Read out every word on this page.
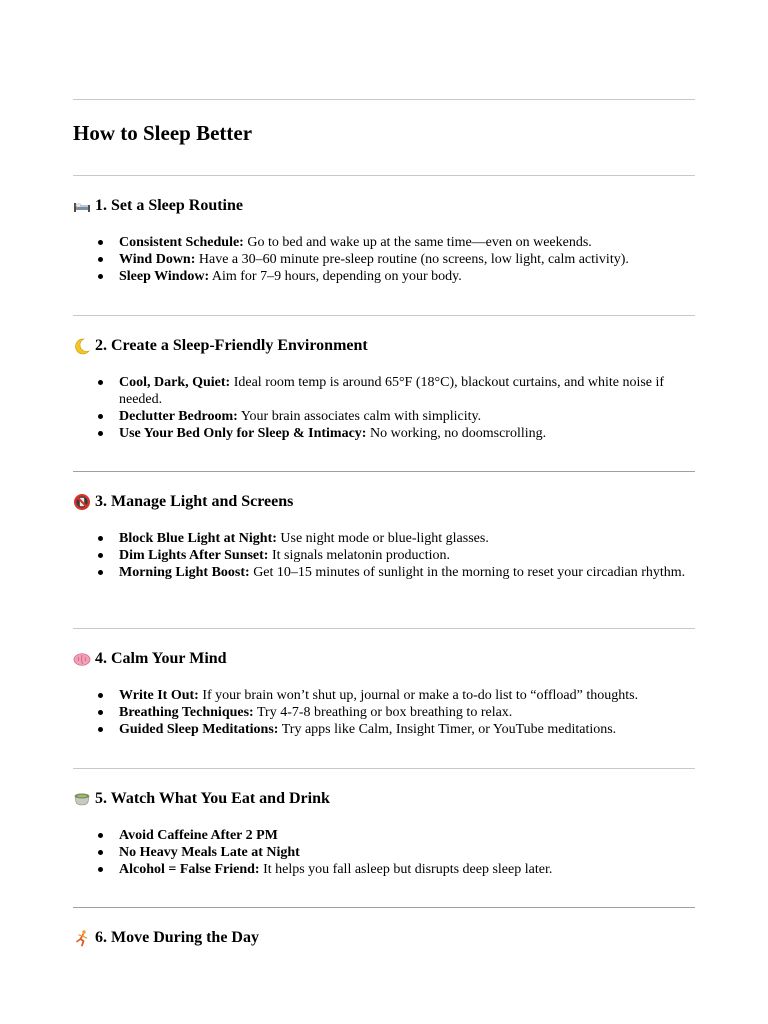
How to Sleep Better
1. Set a Sleep Routine
Consistent Schedule: Go to bed and wake up at the same time—even on weekends.
Wind Down: Have a 30–60 minute pre-sleep routine (no screens, low light, calm activity).
Sleep Window: Aim for 7–9 hours, depending on your body.
2. Create a Sleep-Friendly Environment
Cool, Dark, Quiet: Ideal room temp is around 65°F (18°C), blackout curtains, and white noise if needed.
Declutter Bedroom: Your brain associates calm with simplicity.
Use Your Bed Only for Sleep & Intimacy: No working, no doomscrolling.
3. Manage Light and Screens
Block Blue Light at Night: Use night mode or blue-light glasses.
Dim Lights After Sunset: It signals melatonin production.
Morning Light Boost: Get 10–15 minutes of sunlight in the morning to reset your circadian rhythm.
4. Calm Your Mind
Write It Out: If your brain won’t shut up, journal or make a to-do list to “offload” thoughts.
Breathing Techniques: Try 4-7-8 breathing or box breathing to relax.
Guided Sleep Meditations: Try apps like Calm, Insight Timer, or YouTube meditations.
5. Watch What You Eat and Drink
Avoid Caffeine After 2 PM
No Heavy Meals Late at Night
Alcohol = False Friend: It helps you fall asleep but disrupts deep sleep later.
6. Move During the Day
